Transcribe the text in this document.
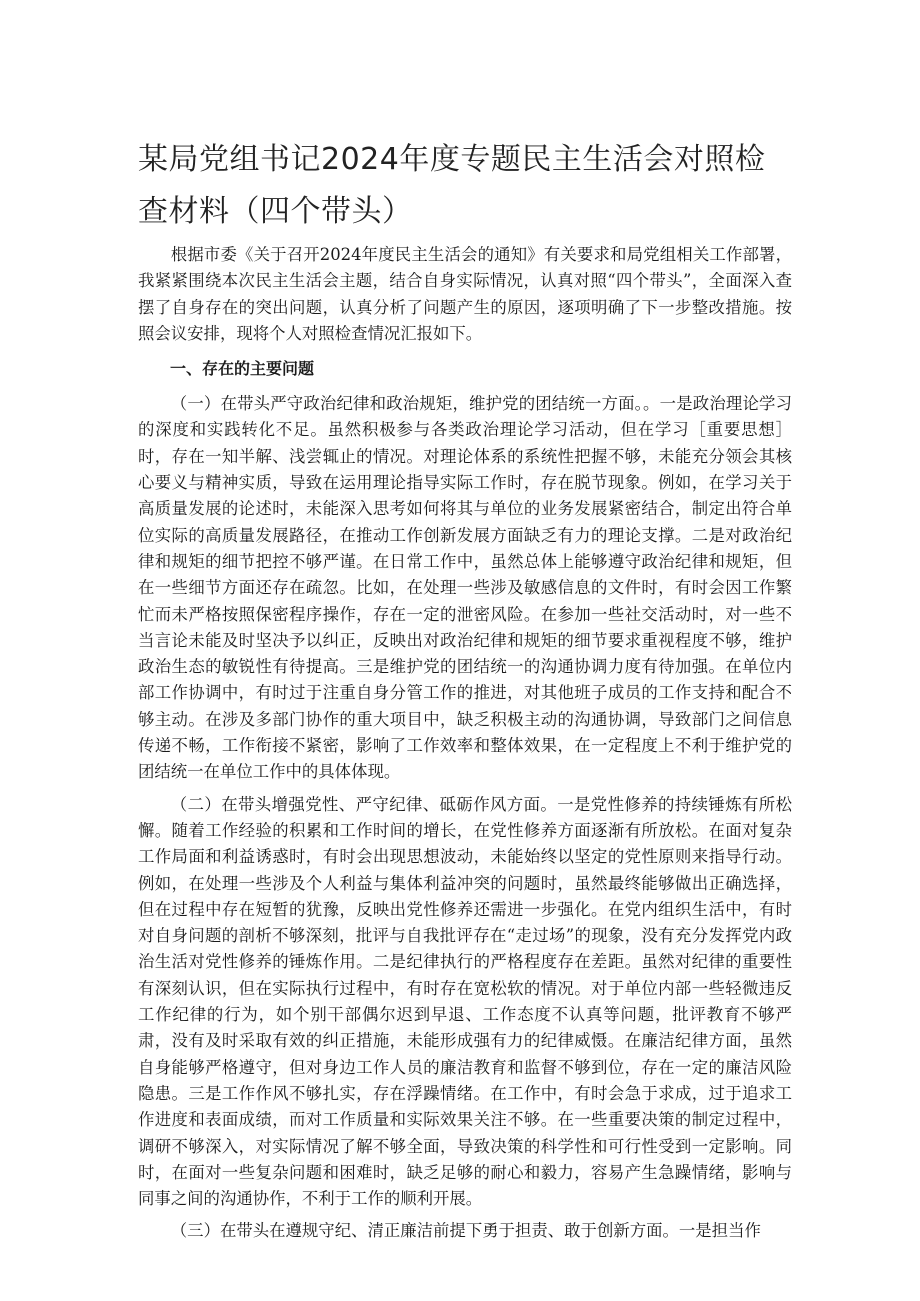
某局党组书记2024年度专题民主生活会对照检查材料（四个带头）

根据市委《关于召开2024年度民主生活会的通知》有关要求和局党组相关工作部署，我紧紧围绕本次民主生活会主题，结合自身实际情况，认真对照“四个带头”，全面深入查摆了自身存在的突出问题，认真分析了问题产生的原因，逐项明确了下一步整改措施。按照会议安排，现将个人对照检查情况汇报如下。

一、存在的主要问题

（一）在带头严守政治纪律和政治规矩，维护党的团结统一方面。。一是政治理论学习的深度和实践转化不足。虽然积极参与各类政治理论学习活动，但在学习［重要思想］时，存在一知半解、浅尝辄止的情况。对理论体系的系统性把握不够，未能充分领会其核心要义与精神实质，导致在运用理论指导实际工作时，存在脱节现象。例如，在学习关于高质量发展的论述时，未能深入思考如何将其与单位的业务发展紧密结合，制定出符合单位实际的高质量发展路径，在推动工作创新发展方面缺乏有力的理论支撑。二是对政治纪律和规矩的细节把控不够严谨。在日常工作中，虽然总体上能够遵守政治纪律和规矩，但在一些细节方面还存在疏忽。比如，在处理一些涉及敏感信息的文件时，有时会因工作繁忙而未严格按照保密程序操作，存在一定的泄密风险。在参加一些社交活动时，对一些不当言论未能及时坚决予以纠正，反映出对政治纪律和规矩的细节要求重视程度不够，维护政治生态的敏锐性有待提高。三是维护党的团结统一的沟通协调力度有待加强。在单位内部工作协调中，有时过于注重自身分管工作的推进，对其他班子成员的工作支持和配合不够主动。在涉及多部门协作的重大项目中，缺乏积极主动的沟通协调，导致部门之间信息传递不畅，工作衔接不紧密，影响了工作效率和整体效果，在一定程度上不利于维护党的团结统一在单位工作中的具体体现。

（二）在带头增强党性、严守纪律、砥砺作风方面。一是党性修养的持续锤炼有所松懈。随着工作经验的积累和工作时间的增长，在党性修养方面逐渐有所放松。在面对复杂工作局面和利益诱惑时，有时会出现思想波动，未能始终以坚定的党性原则来指导行动。例如，在处理一些涉及个人利益与集体利益冲突的问题时，虽然最终能够做出正确选择，但在过程中存在短暂的犹豫，反映出党性修养还需进一步强化。在党内组织生活中，有时对自身问题的剖析不够深刻，批评与自我批评存在“走过场”的现象，没有充分发挥党内政治生活对党性修养的锤炼作用。二是纪律执行的严格程度存在差距。虽然对纪律的重要性有深刻认识，但在实际执行过程中，有时存在宽松软的情况。对于单位内部一些轻微违反工作纪律的行为，如个别干部偶尔迟到早退、工作态度不认真等问题，批评教育不够严肃，没有及时采取有效的纠正措施，未能形成强有力的纪律威慑。在廉洁纪律方面，虽然自身能够严格遵守，但对身边工作人员的廉洁教育和监督不够到位，存在一定的廉洁风险隐患。三是工作作风不够扎实，存在浮躁情绪。在工作中，有时会急于求成，过于追求工作进度和表面成绩，而对工作质量和实际效果关注不够。在一些重要决策的制定过程中，调研不够深入，对实际情况了解不够全面，导致决策的科学性和可行性受到一定影响。同时，在面对一些复杂问题和困难时，缺乏足够的耐心和毅力，容易产生急躁情绪，影响与同事之间的沟通协作，不利于工作的顺利开展。

（三）在带头在遵规守纪、清正廉洁前提下勇于担责、敢于创新方面。一是担当作
